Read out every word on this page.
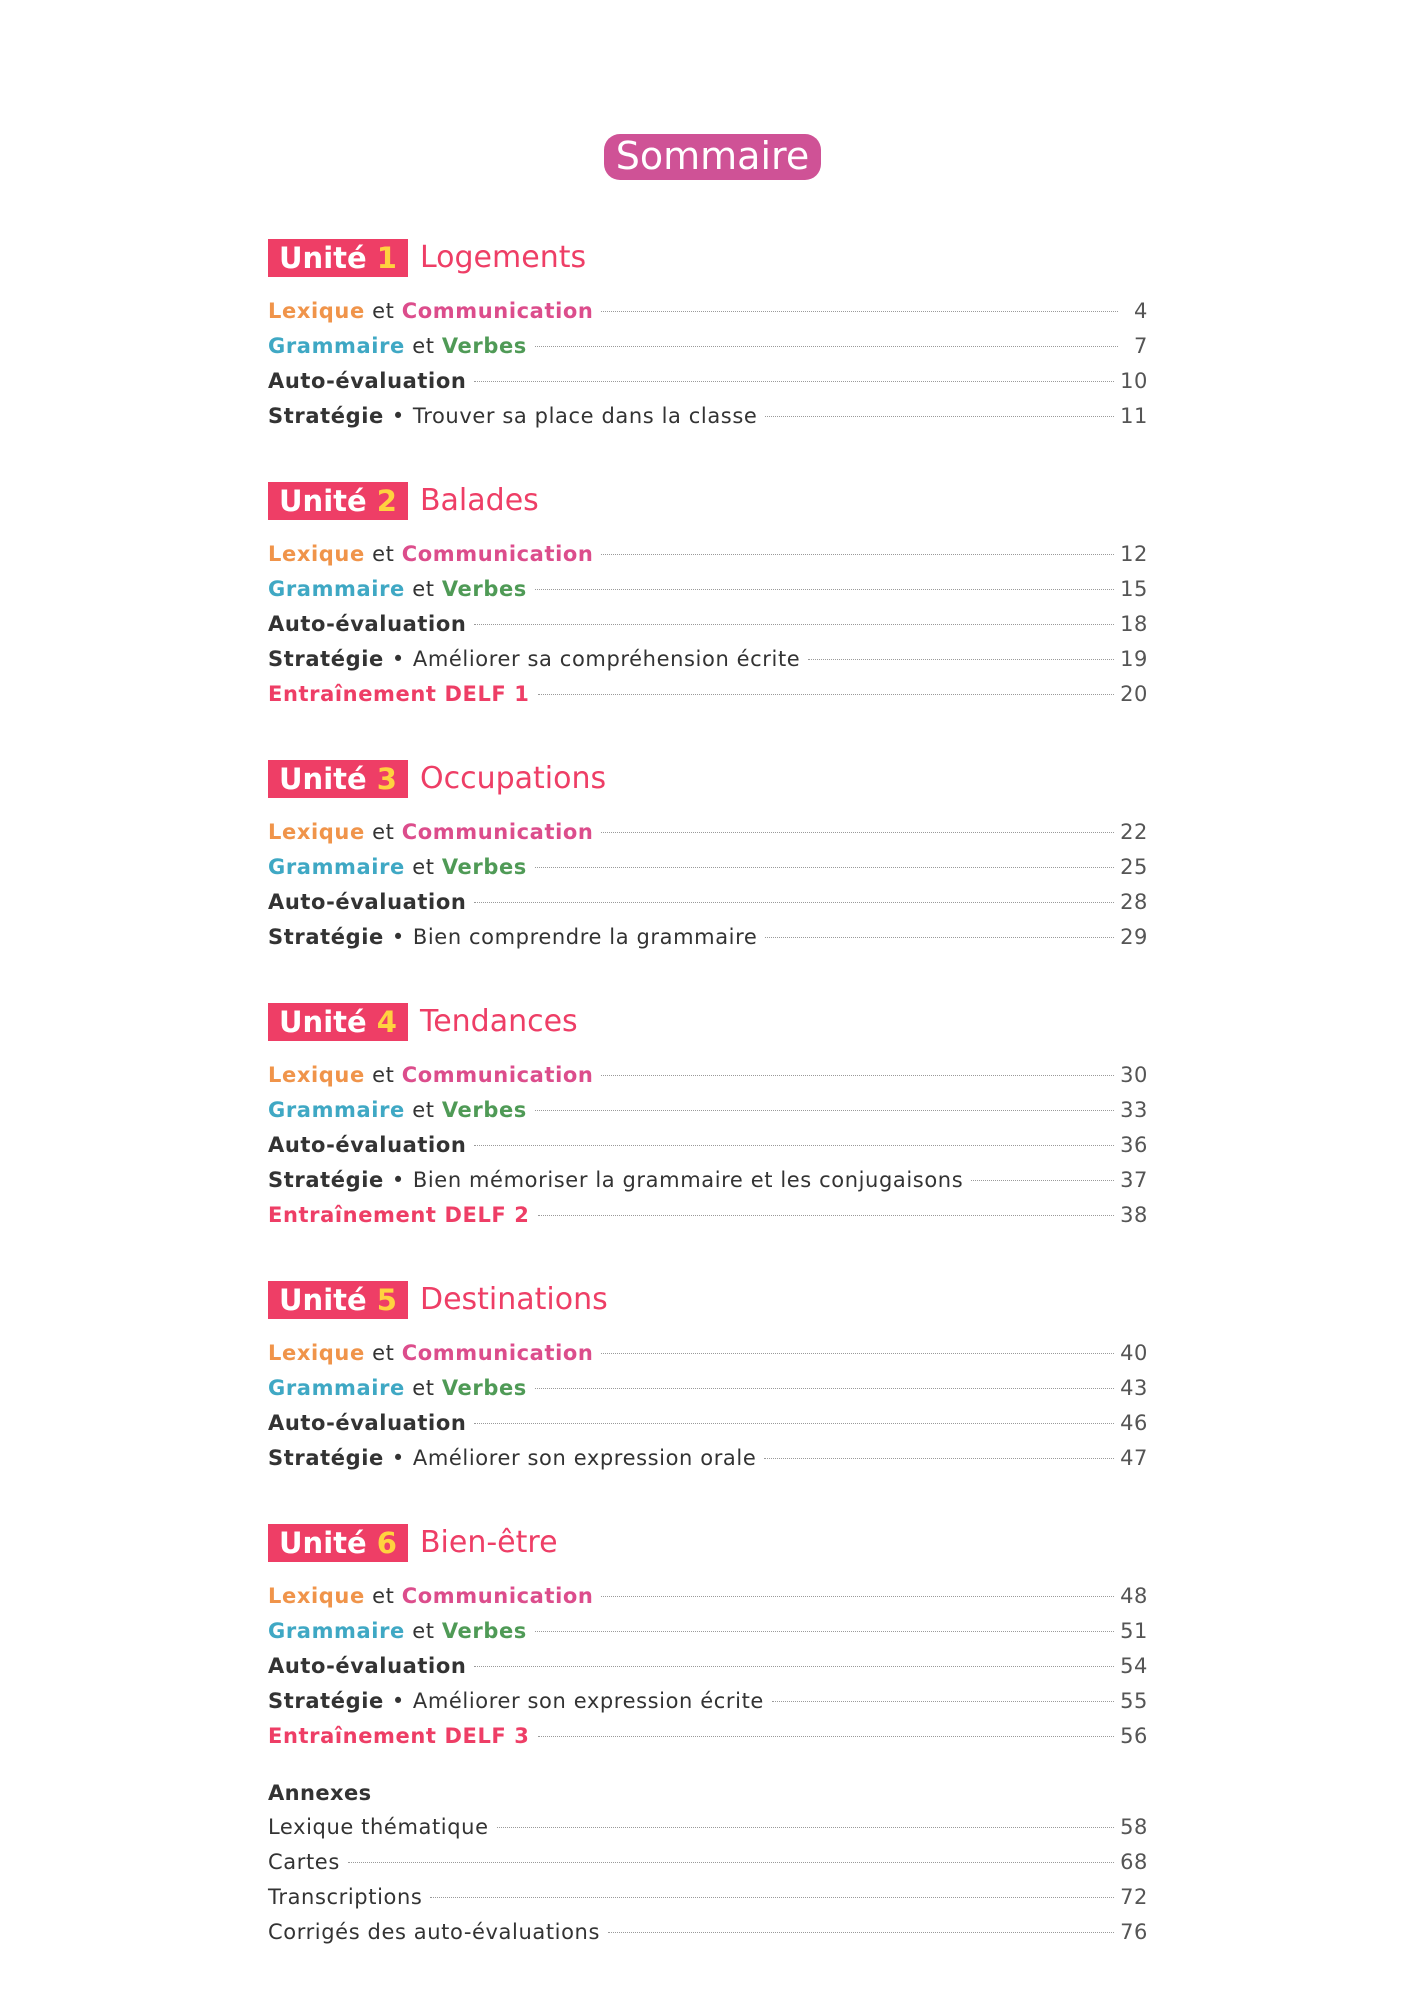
Sommaire
Unité 1 Logements
Lexique et Communication	4
Grammaire et Verbes	7
Auto-évaluation	10
Stratégie • Trouver sa place dans la classe	11
Unité 2 Balades
Lexique et Communication	12
Grammaire et Verbes	15
Auto-évaluation	18
Stratégie • Améliorer sa compréhension écrite	19
Entraînement DELF 1	20
Unité 3 Occupations
Lexique et Communication	22
Grammaire et Verbes	25
Auto-évaluation	28
Stratégie • Bien comprendre la grammaire	29
Unité 4 Tendances
Lexique et Communication	30
Grammaire et Verbes	33
Auto-évaluation	36
Stratégie • Bien mémoriser la grammaire et les conjugaisons	37
Entraînement DELF 2	38
Unité 5 Destinations
Lexique et Communication	40
Grammaire et Verbes	43
Auto-évaluation	46
Stratégie • Améliorer son expression orale	47
Unité 6 Bien-être
Lexique et Communication	48
Grammaire et Verbes	51
Auto-évaluation	54
Stratégie • Améliorer son expression écrite	55
Entraînement DELF 3	56
Annexes
Lexique thématique	58
Cartes	68
Transcriptions	72
Corrigés des auto-évaluations	76
